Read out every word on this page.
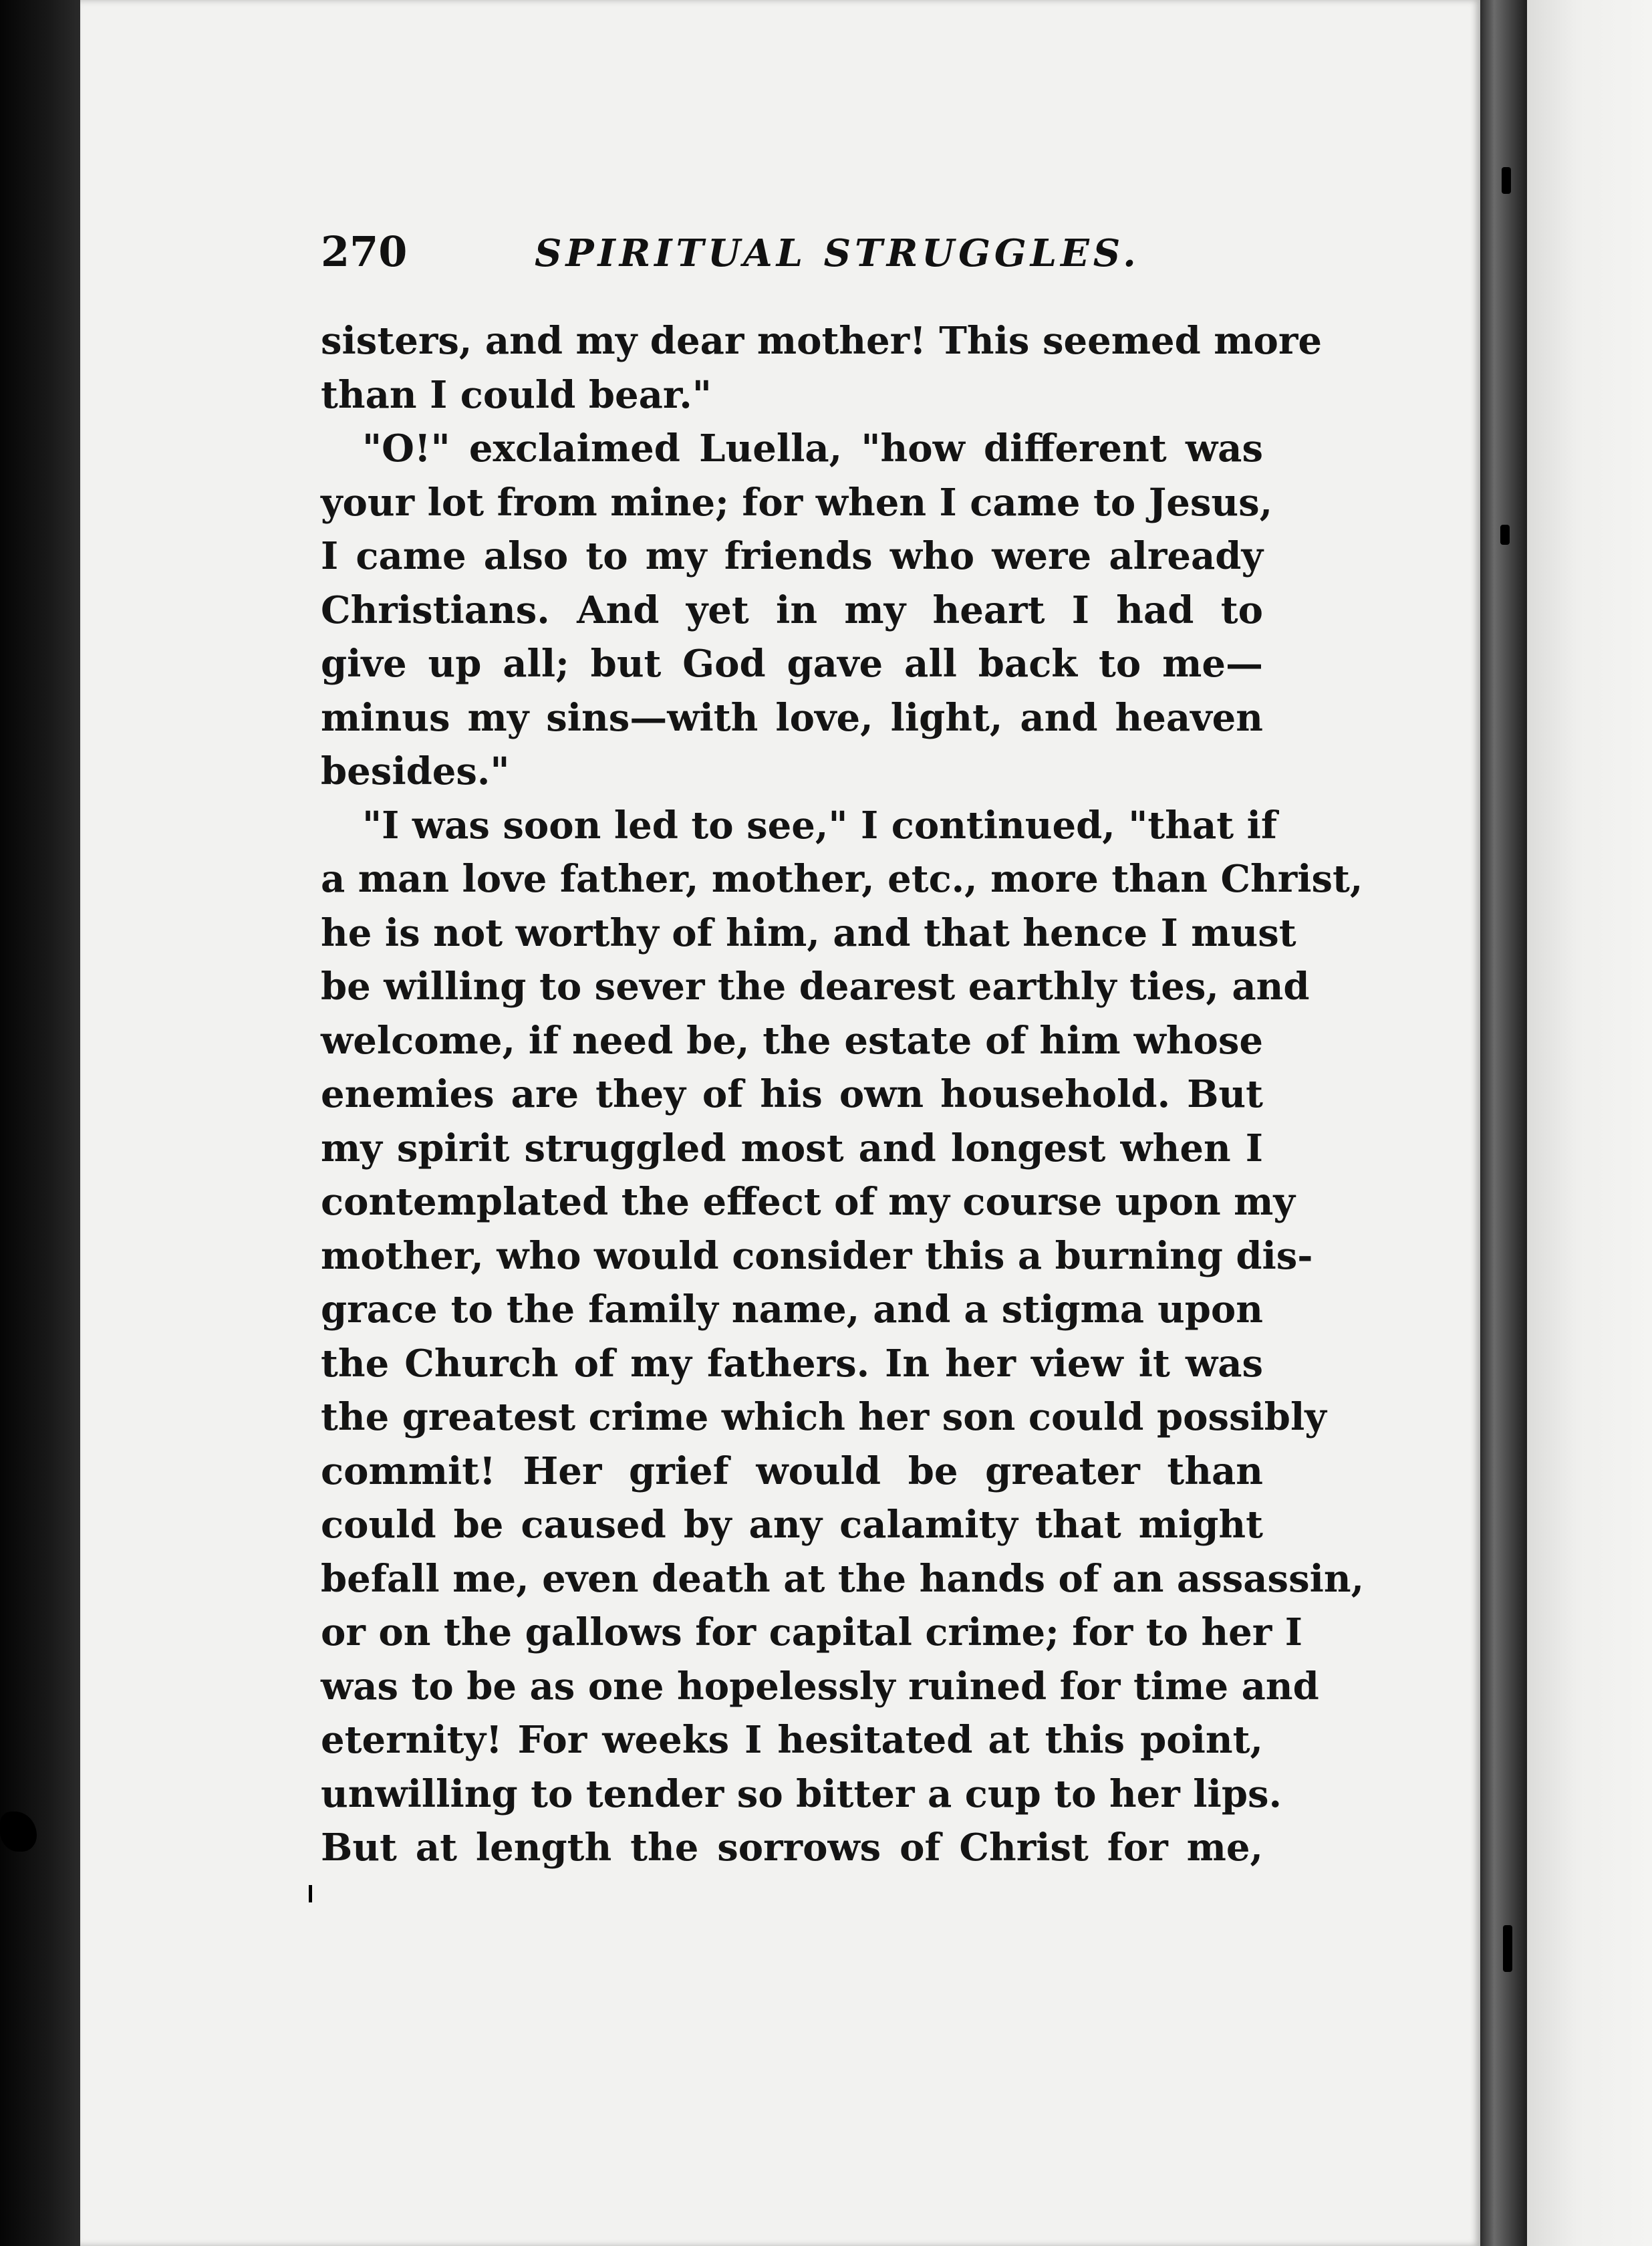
270	SPIRITUAL STRUGGLES.
sisters, and my dear mother! This seemed more
than I could bear."
"O!" exclaimed Luella, "how different was
your lot from mine; for when I came to Jesus,
I came also to my friends who were already
Christians. And yet in my heart I had to
give up all; but God gave all back to me—
minus my sins—with love, light, and heaven
besides."
"I was soon led to see," I continued, "that if
a man love father, mother, etc., more than Christ,
he is not worthy of him, and that hence I must
be willing to sever the dearest earthly ties, and
welcome, if need be, the estate of him whose
enemies are they of his own household. But
my spirit struggled most and longest when I
contemplated the effect of my course upon my
mother, who would consider this a burning dis-
grace to the family name, and a stigma upon
the Church of my fathers. In her view it was
the greatest crime which her son could possibly
commit! Her grief would be greater than
could be caused by any calamity that might
befall me, even death at the hands of an assassin,
or on the gallows for capital crime; for to her I
was to be as one hopelessly ruined for time and
eternity! For weeks I hesitated at this point,
unwilling to tender so bitter a cup to her lips.
But at length the sorrows of Christ for me,
